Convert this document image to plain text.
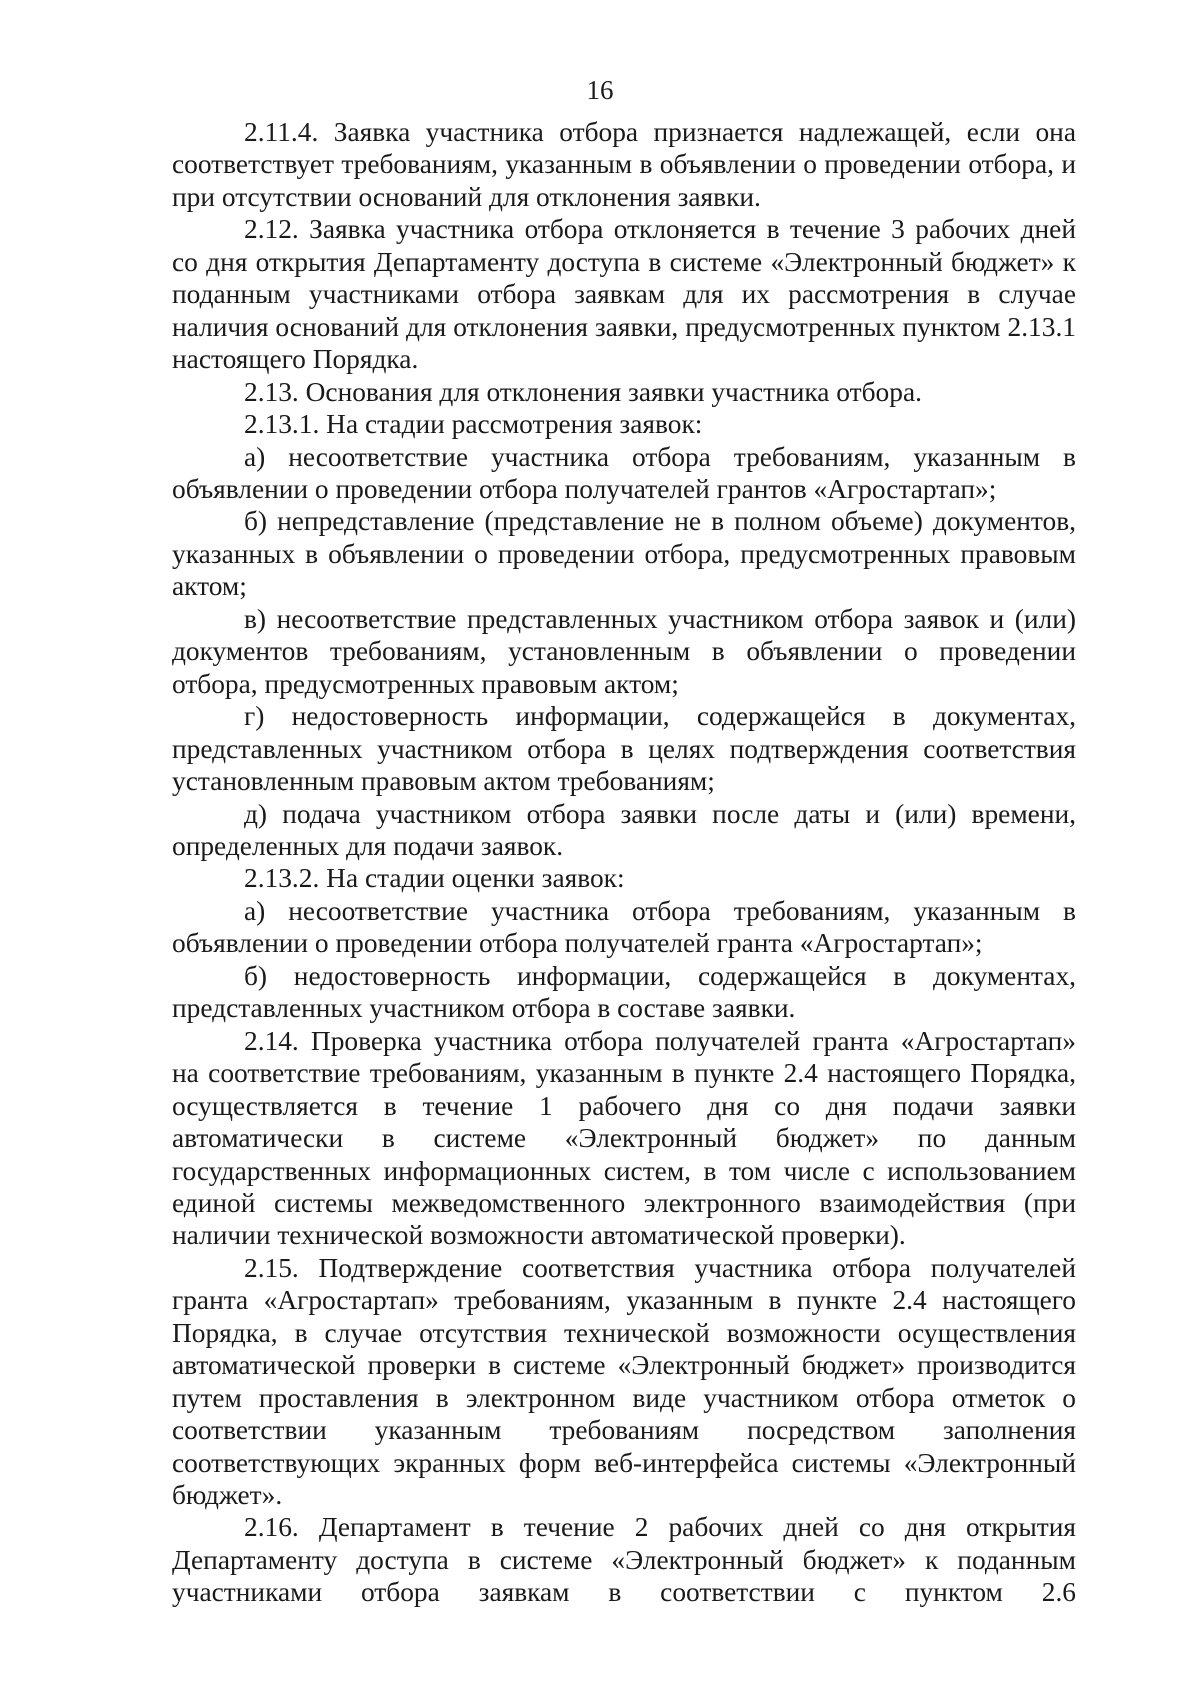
16

2.11.4. Заявка участника отбора признается надлежащей, если она соответствует требованиям, указанным в объявлении о проведении отбора, и при отсутствии оснований для отклонения заявки.

2.12. Заявка участника отбора отклоняется в течение 3 рабочих дней со дня открытия Департаменту доступа в системе «Электронный бюджет» к поданным участниками отбора заявкам для их рассмотрения в случае наличия оснований для отклонения заявки, предусмотренных пунктом 2.13.1 настоящего Порядка.

2.13. Основания для отклонения заявки участника отбора.

2.13.1. На стадии рассмотрения заявок:

а) несоответствие участника отбора требованиям, указанным в объявлении о проведении отбора получателей грантов «Агростартап»;

б) непредставление (представление не в полном объеме) документов, указанных в объявлении о проведении отбора, предусмотренных правовым актом;

в) несоответствие представленных участником отбора заявок и (или) документов требованиям, установленным в объявлении о проведении отбора, предусмотренных правовым актом;

г) недостоверность информации, содержащейся в документах, представленных участником отбора в целях подтверждения соответствия установленным правовым актом требованиям;

д) подача участником отбора заявки после даты и (или) времени, определенных для подачи заявок.

2.13.2. На стадии оценки заявок:

а) несоответствие участника отбора требованиям, указанным в объявлении о проведении отбора получателей гранта «Агростартап»;

б) недостоверность информации, содержащейся в документах, представленных участником отбора в составе заявки.

2.14. Проверка участника отбора получателей гранта «Агростартап» на соответствие требованиям, указанным в пункте 2.4 настоящего Порядка, осуществляется в течение 1 рабочего дня со дня подачи заявки автоматически в системе «Электронный бюджет» по данным государственных информационных систем, в том числе с использованием единой системы межведомственного электронного взаимодействия (при наличии технической возможности автоматической проверки).

2.15. Подтверждение соответствия участника отбора получателей гранта «Агростартап» требованиям, указанным в пункте 2.4 настоящего Порядка, в случае отсутствия технической возможности осуществления автоматической проверки в системе «Электронный бюджет» производится путем проставления в электронном виде участником отбора отметок о соответствии указанным требованиям посредством заполнения соответствующих экранных форм веб-интерфейса системы «Электронный бюджет».

2.16. Департамент в течение 2 рабочих дней со дня открытия Департаменту доступа в системе «Электронный бюджет» к поданным участниками отбора заявкам в соответствии с пунктом 2.6
